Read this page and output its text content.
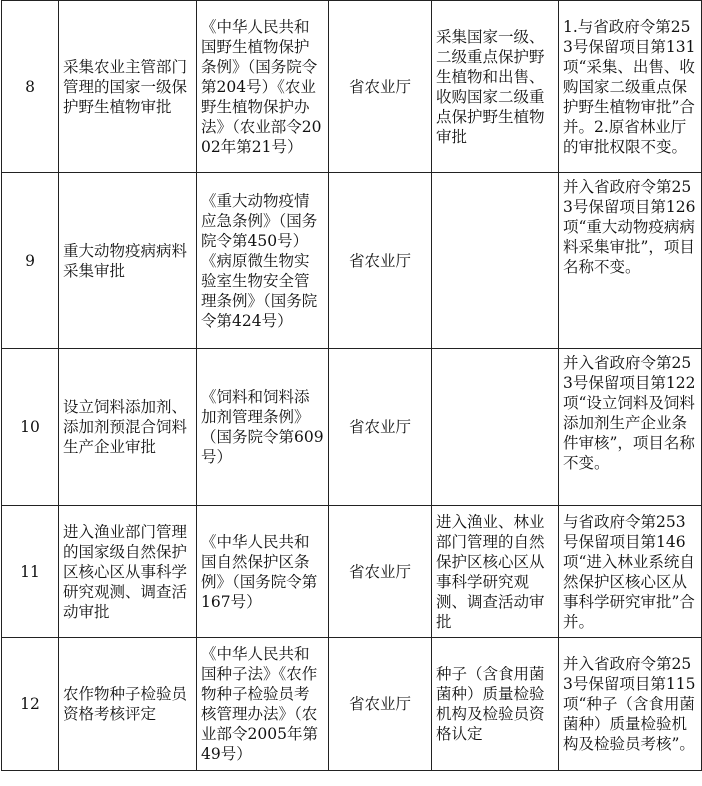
8	采集农业主管部门管理的国家一级保护野生植物审批	《中华人民共和国野生植物保护条例》（国务院令第204号）《农业野生植物保护办法》（农业部令2002年第21号）	省农业厅	采集国家一级、二级重点保护野生植物和出售、收购国家二级重点保护野生植物审批	1.与省政府令第253号保留项目第131项“采集、出售、收购国家二级重点保护野生植物审批”合并。2.原省林业厅的审批权限不变。
9	重大动物疫病病料采集审批	《重大动物疫情应急条例》（国务院令第450号）《病原微生物实验室生物安全管理条例》（国务院令第424号）	省农业厅		并入省政府令第253号保留项目第126项“重大动物疫病病料采集审批”，项目名称不变。
10	设立饲料添加剂、添加剂预混合饲料生产企业审批	《饲料和饲料添加剂管理条例》（国务院令第609号）	省农业厅		并入省政府令第253号保留项目第122项“设立饲料及饲料添加剂生产企业条件审核”，项目名称不变。
11	进入渔业部门管理的国家级自然保护区核心区从事科学研究观测、调查活动审批	《中华人民共和国自然保护区条例》（国务院令第167号）	省农业厅	进入渔业、林业部门管理的自然保护区核心区从事科学研究观测、调查活动审批	与省政府令第253号保留项目第146项“进入林业系统自然保护区核心区从事科学研究审批”合并。
12	农作物种子检验员资格考核评定	《中华人民共和国种子法》《农作物种子检验员考核管理办法》（农业部令2005年第49号）	省农业厅	种子（含食用菌菌种）质量检验机构及检验员资格认定	并入省政府令第253号保留项目第115项“种子（含食用菌菌种）质量检验机构及检验员考核”。
